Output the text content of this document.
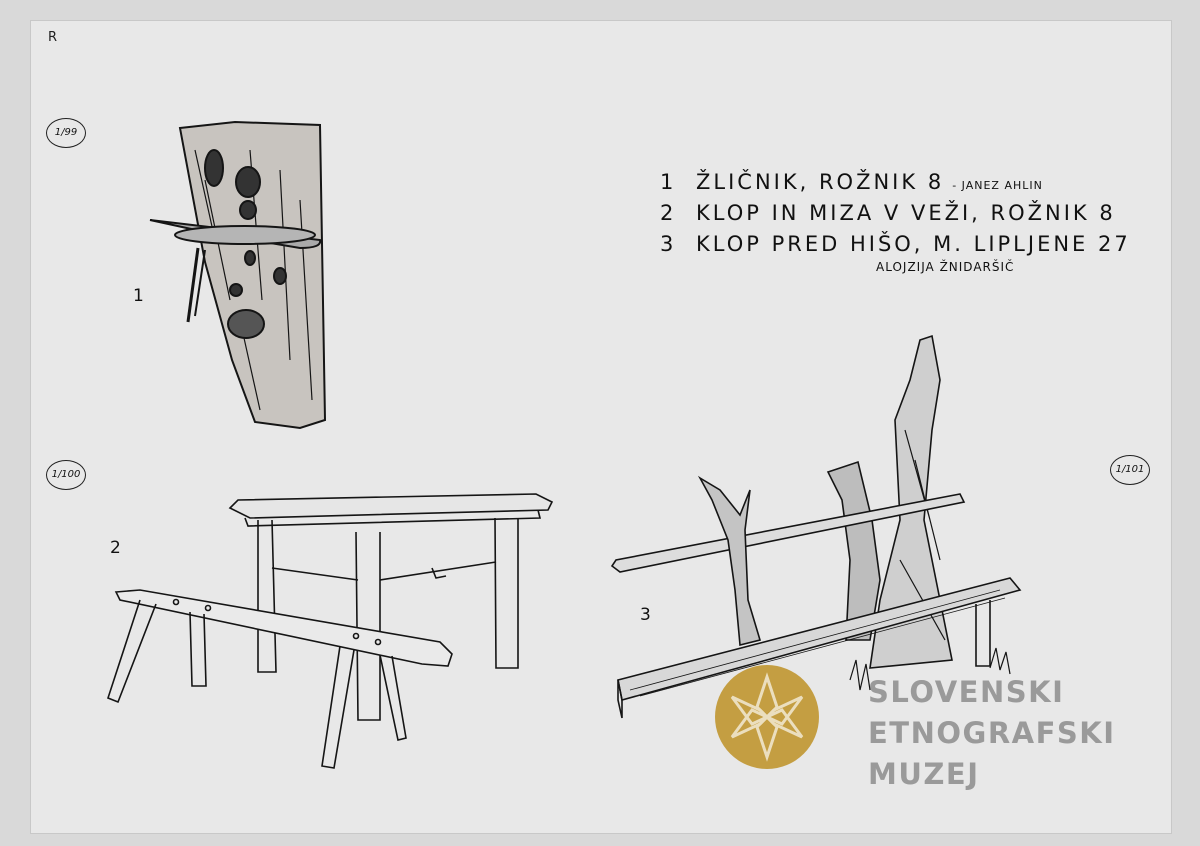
R
1/99
1/100	1/101
1
2
3
1 ŽLIČNIK, ROŽNIK 8 - JANEZ AHLIN
2 KLOP IN MIZA V VEŽI, ROŽNIK 8
3 KLOP PRED HIŠO, M. LIPLJENE 27
ALOJZIJA ŽNIDARŠIČ
SLOVENSKI
ETNOGRAFSKI
MUZEJ
